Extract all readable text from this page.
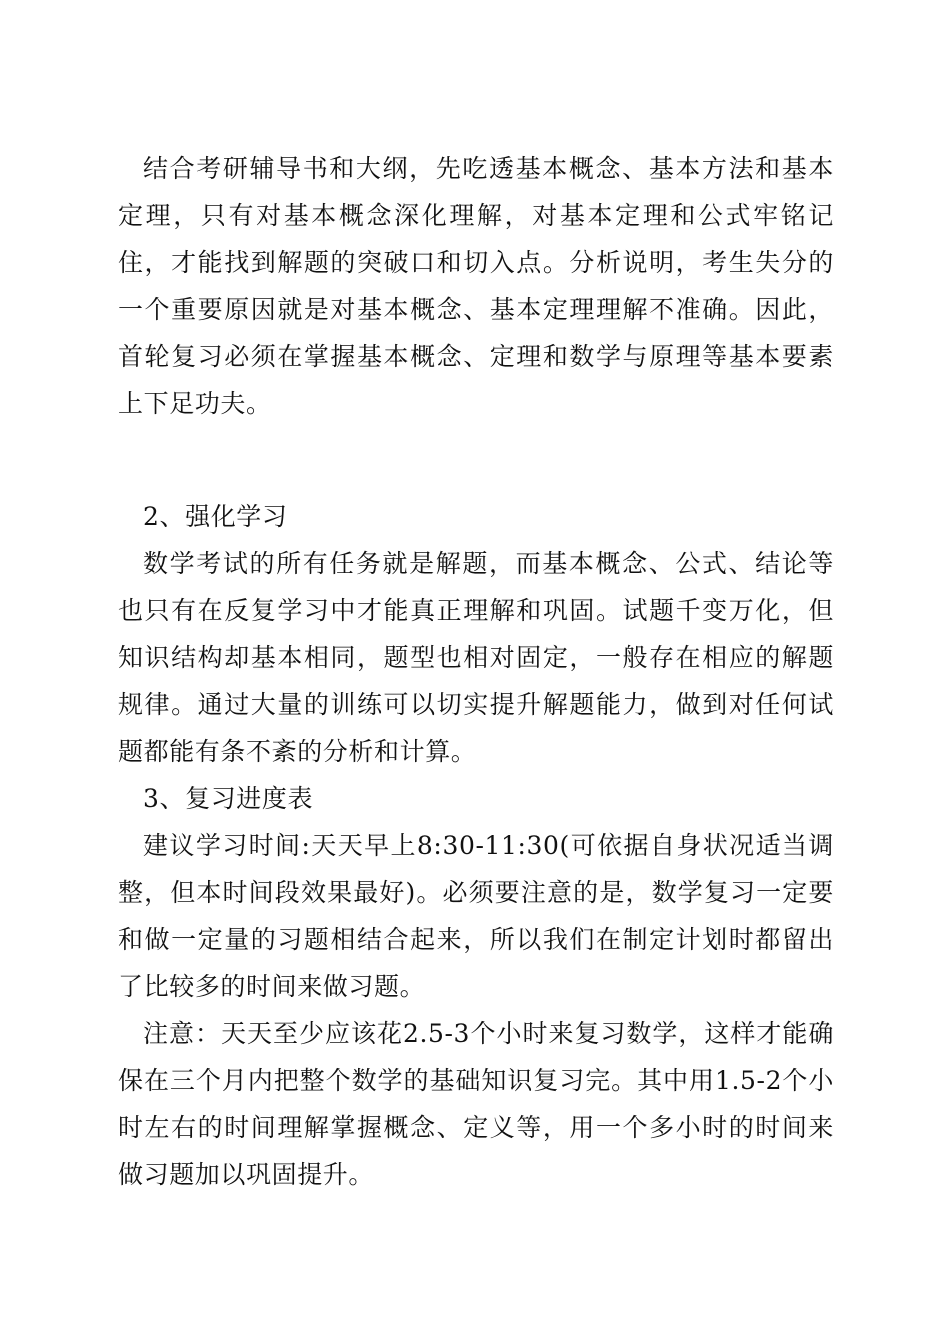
结合考研辅导书和大纲，先吃透基本概念、基本方法和基本定理，只有对基本概念深化理解，对基本定理和公式牢铭记住，才能找到解题的突破口和切入点。分析说明，考生失分的一个重要原因就是对基本概念、基本定理理解不准确。因此，首轮复习必须在掌握基本概念、定理和数学与原理等基本要素上下足功夫。

2、强化学习

数学考试的所有任务就是解题，而基本概念、公式、结论等也只有在反复学习中才能真正理解和巩固。试题千变万化，但知识结构却基本相同，题型也相对固定，一般存在相应的解题规律。通过大量的训练可以切实提升解题能力，做到对任何试题都能有条不紊的分析和计算。

3、复习进度表

建议学习时间:天天早上8:30-11:30(可依据自身状况适当调整，但本时间段效果最好)。必须要注意的是，数学复习一定要和做一定量的习题相结合起来，所以我们在制定计划时都留出了比较多的时间来做习题。

注意：天天至少应该花2.5-3个小时来复习数学，这样才能确保在三个月内把整个数学的基础知识复习完。其中用1.5-2个小时左右的时间理解掌握概念、定义等，用一个多小时的时间来做习题加以巩固提升。
